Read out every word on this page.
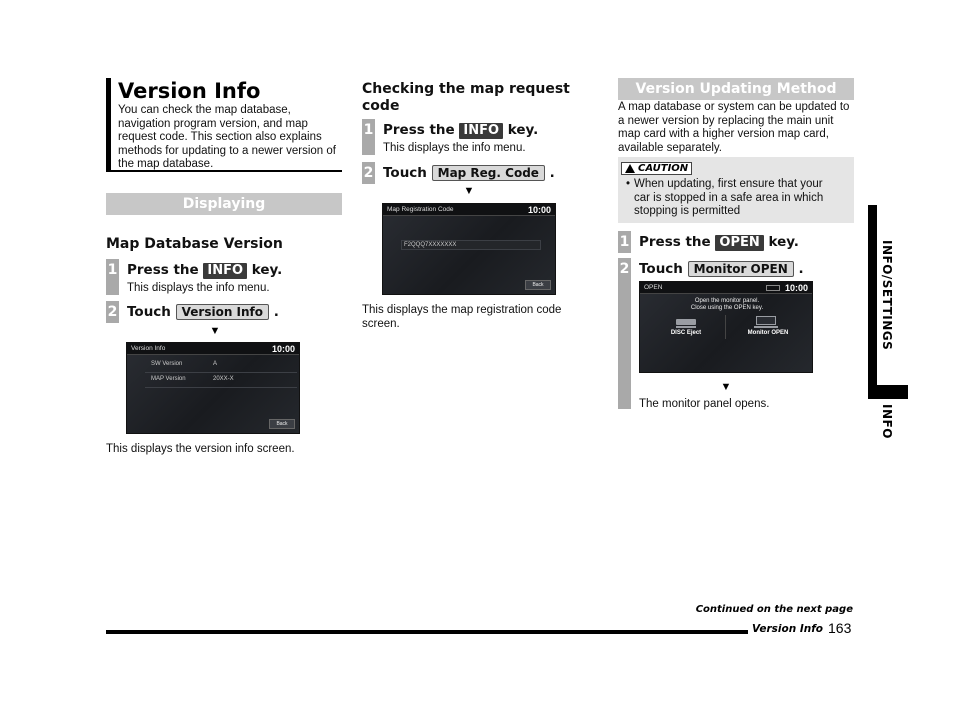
Version Info
You can check the map database, navigation program version, and map request code. This section also explains methods for updating to a newer version of the map database.
Displaying
Map Database Version
1 Press the INFO key.
This displays the info menu.
2 Touch Version Info .
▼
Version Info	10:00
SW Version	A
MAP Version	20XX-X
Back
This displays the version info screen.
Checking the map request code
1 Press the INFO key.
This displays the info menu.
2 Touch Map Reg. Code .
▼
Map Registration Code	10:00
F2QQQ7XXXXXXX
Back
This displays the map registration code screen.
Version Updating Method
A map database or system can be updated to a newer version by replacing the main unit map card with a higher version map card, available separately.
CAUTION
• When updating, first ensure that your car is stopped in a safe area in which stopping is permitted
1 Press the OPEN key.
2 Touch Monitor OPEN .
OPEN	10:00
Open the monitor panel.
Close using the OPEN key.
DISC Eject	Monitor OPEN
▼
The monitor panel opens.
INFO/SETTINGS
INFO
Continued on the next page
Version Info 163
